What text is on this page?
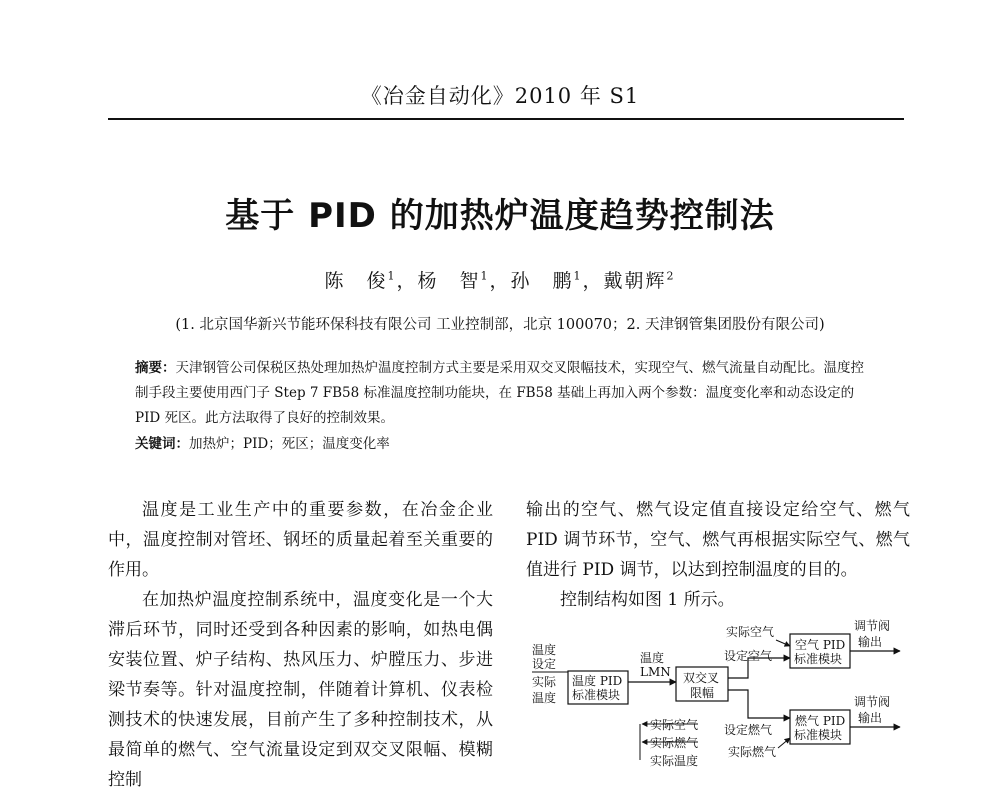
《冶金自动化》2010 年 S1
基于 PID 的加热炉温度趋势控制法
陈　俊$^1$，杨　智$^1$，孙　鹏$^1$，戴朝辉$^2$
(1. 北京国华新兴节能环保科技有限公司 工业控制部，北京 100070；2. 天津钢管集团股份有限公司)
摘要：天津钢管公司保税区热处理加热炉温度控制方式主要是采用双交叉限幅技术，实现空气、燃气流量自动配比。温度控制手段主要使用西门子 Step 7 FB58 标准温度控制功能块，在 FB58 基础上再加入两个参数：温度变化率和动态设定的 PID 死区。此方法取得了良好的控制效果。
关键词：加热炉；PID；死区；温度变化率

温度是工业生产中的重要参数，在冶金企业中，温度控制对管坯、钢坯的质量起着至关重要的作用。

在加热炉温度控制系统中，温度变化是一个大滞后环节，同时还受到各种因素的影响，如热电偶安装位置、炉子结构、热风压力、炉膛压力、步进梁节奏等。针对温度控制，伴随着计算机、仪表检测技术的快速发展，目前产生了多种控制技术，从最简单的燃气、空气流量设定到双交叉限幅、模糊控制

输出的空气、燃气设定值直接设定给空气、燃气 PID 调节环节，空气、燃气再根据实际空气、燃气值进行 PID 调节，以达到控制温度的目的。

控制结构如图 1 所示。

温度
设定
实际
温度
温度 PID
标准模块
温度
LMN 双交叉
限幅
实际空气
设定空气
空气 PID
标准模块
调节阀
输出
实际空气
实际燃气
实际温度
设定燃气
实际燃气
燃气 PID
标准模块
调节阀
输出
